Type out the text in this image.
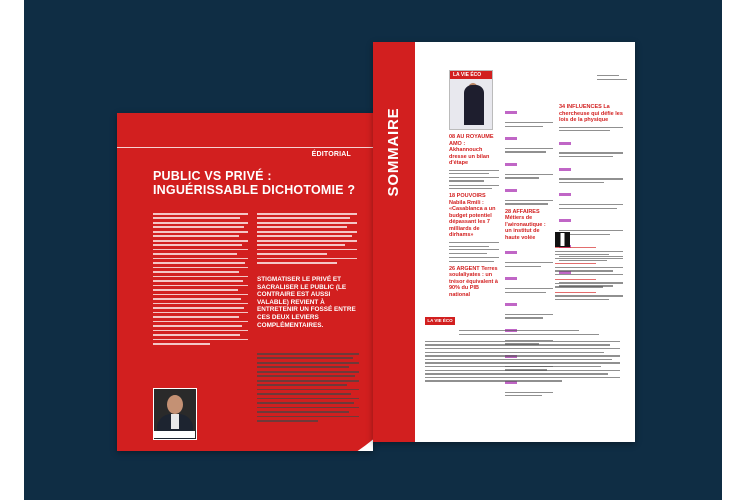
ÉDITORIAL
PUBLIC VS PRIVÉ :
INGUÉRISSABLE DICHOTOMIE ?
STIGMATISER LE PRIVÉ ET SACRALISER LE PUBLIC (LE CONTRAIRE EST AUSSI VALABLE) REVIENT À ENTRETENIR UN FOSSÉ ENTRE CES DEUX LEVIERS COMPLÉMENTAIRES.
SOMMAIRE
LA VIE ÉCO
08 AU ROYAUME AMO : Akhannouch dresse un bilan d'étape
18 POUVOIRS Nabila Rmili : «Casablanca a un budget potentiel dépassant les 7 milliards de dirhams»
26 ARGENT Terres soulaliyates : un trésor équivalent à 90% du PIB national
28 AFFAIRES Métiers de l'aéronautique : un institut de haute volée
34 INFLUENCES La chercheuse qui défie les lois de la physique
LA VIE ÉCO
